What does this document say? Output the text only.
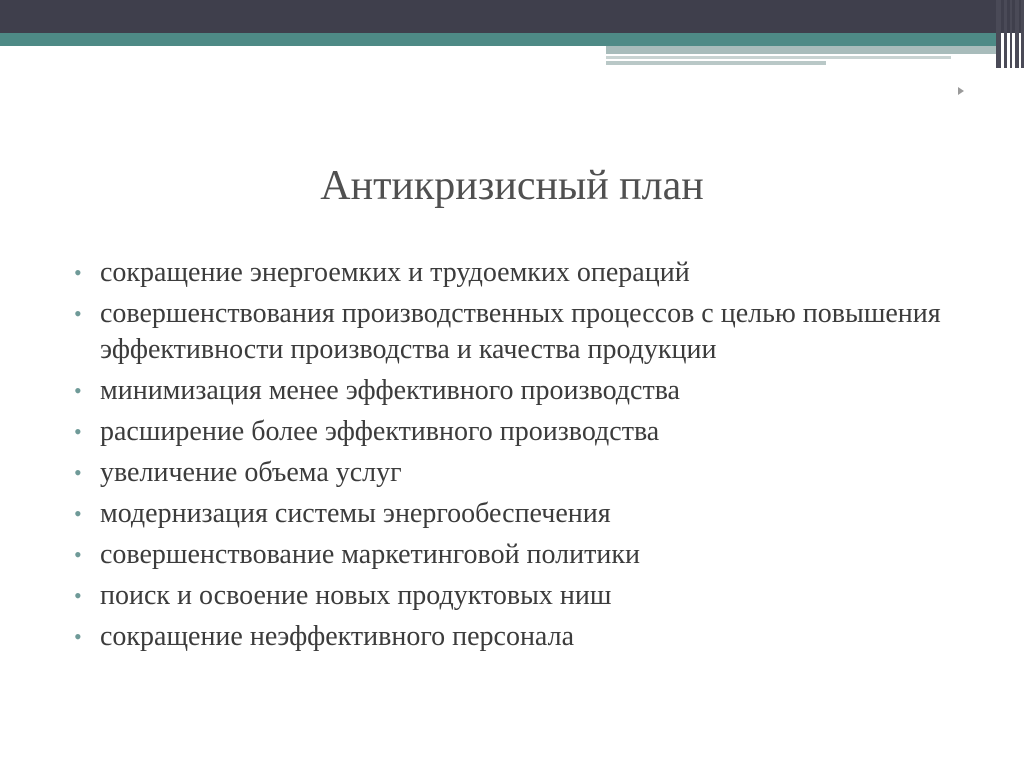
Антикризисный план
• сокращение энергоемких и трудоемких операций
• совершенствования производственных процессов с целью повышения эффективности производства и качества продукции
• минимизация менее эффективного производства
• расширение более эффективного производства
• увеличение объема услуг
• модернизация системы энергообеспечения
• совершенствование маркетинговой политики
• поиск и освоение новых продуктовых ниш
• сокращение неэффективного персонала
